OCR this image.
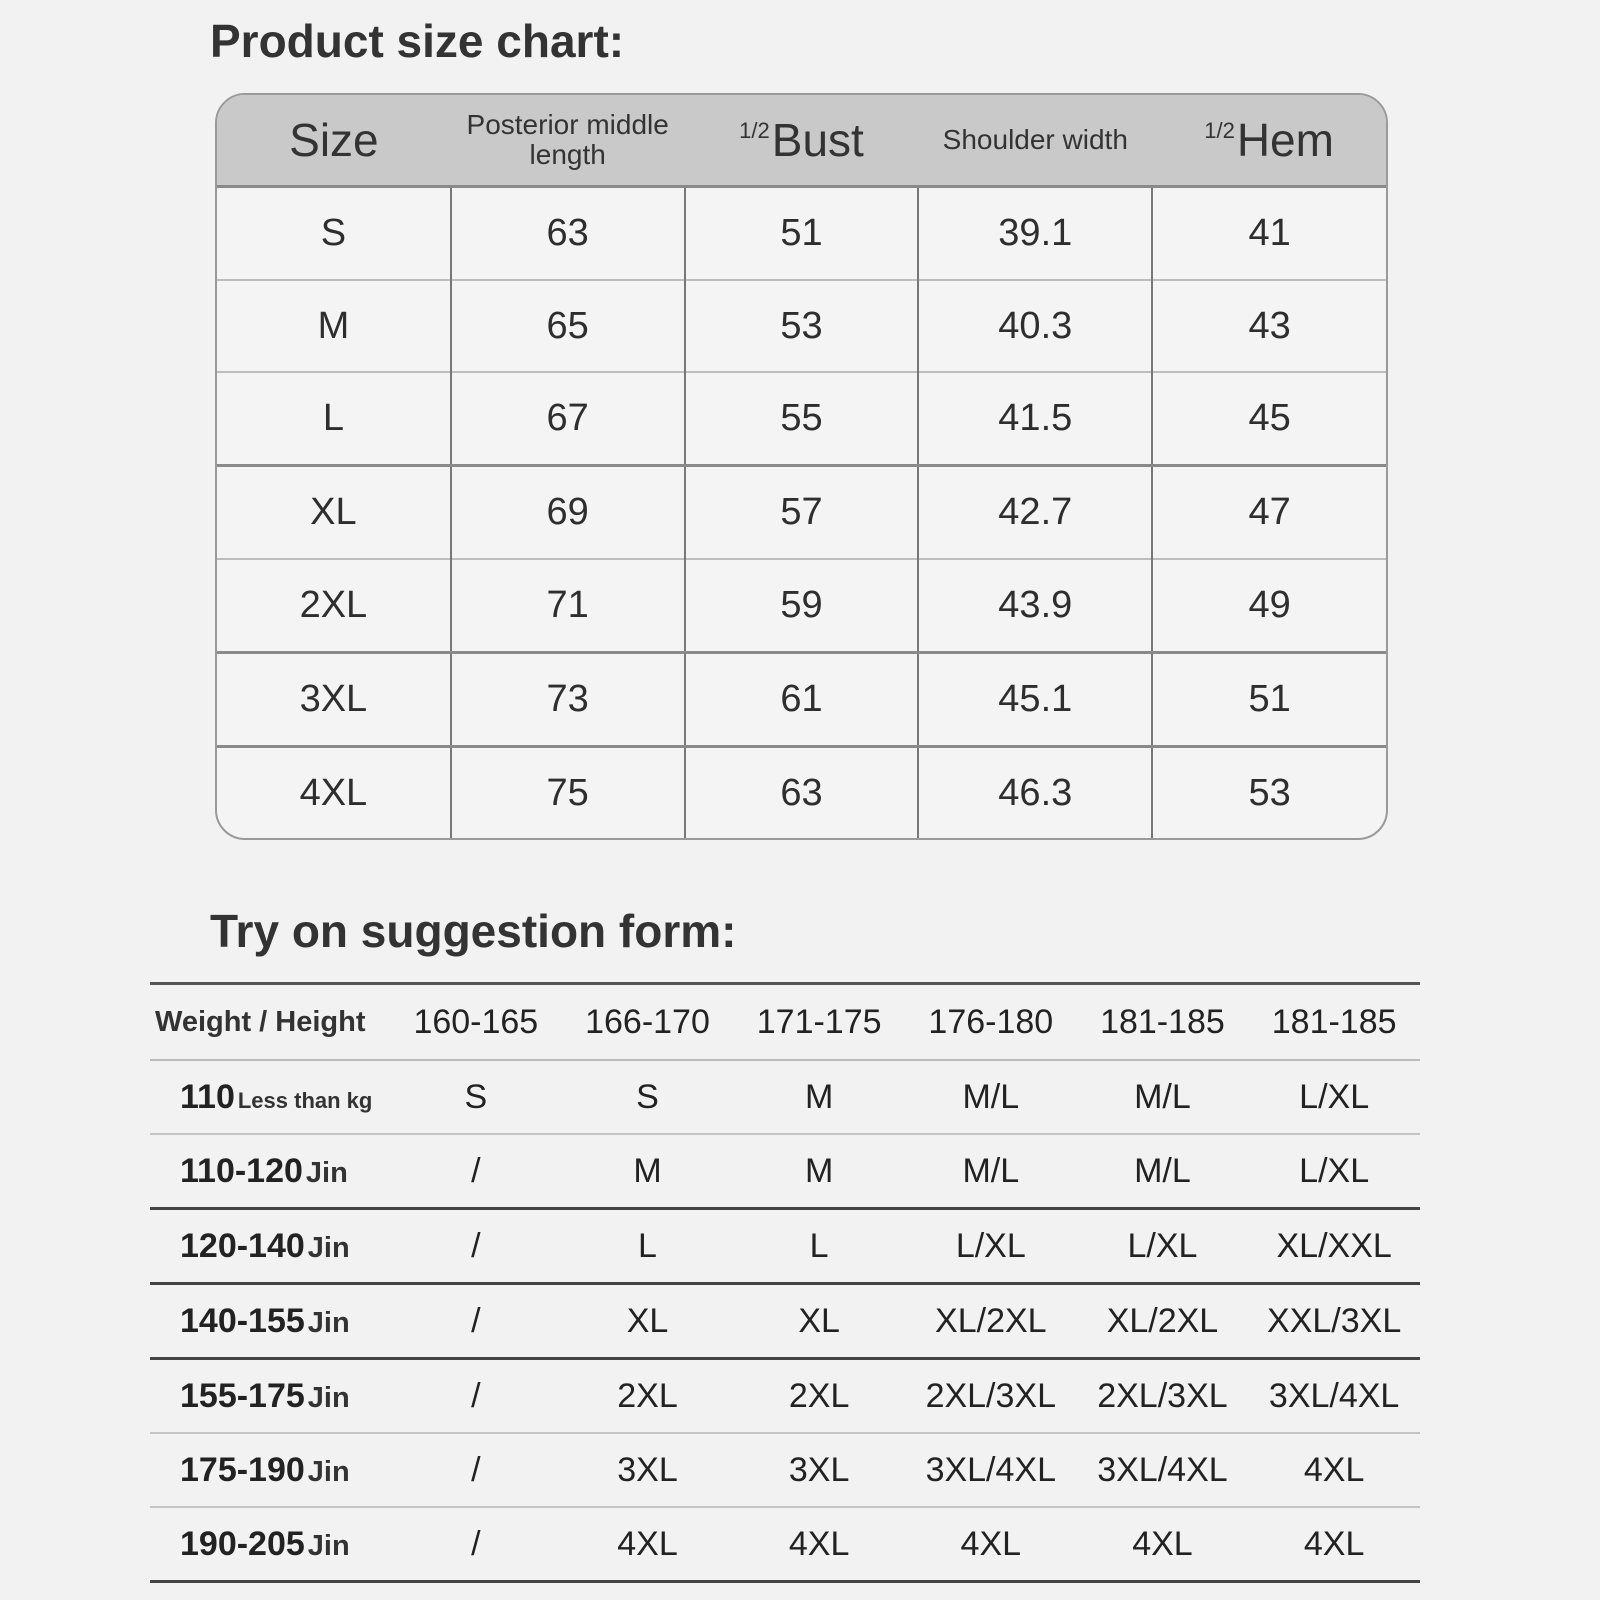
Product size chart:
Size	Posterior middle length	$^{1/2}$Bust	Shoulder width	$^{1/2}$Hem
S	63	51	39.1	41
M	65	53	40.3	43
L	67	55	41.5	45
XL	69	57	42.7	47
2XL	71	59	43.9	49
3XL	73	61	45.1	51
4XL	75	63	46.3	53
Try on suggestion form:
Weight / Height	160-165	166-170	171-175	176-180	181-185	181-185
110 Less than kg	S	S	M	M/L	M/L	L/XL
110-120 Jin	/	M	M	M/L	M/L	L/XL
120-140 Jin	/	L	L	L/XL	L/XL	XL/XXL
140-155 Jin	/	XL	XL	XL/2XL	XL/2XL	XXL/3XL
155-175 Jin	/	2XL	2XL	2XL/3XL	2XL/3XL	3XL/4XL
175-190 Jin	/	3XL	3XL	3XL/4XL	3XL/4XL	4XL
190-205 Jin	/	4XL	4XL	4XL	4XL	4XL
